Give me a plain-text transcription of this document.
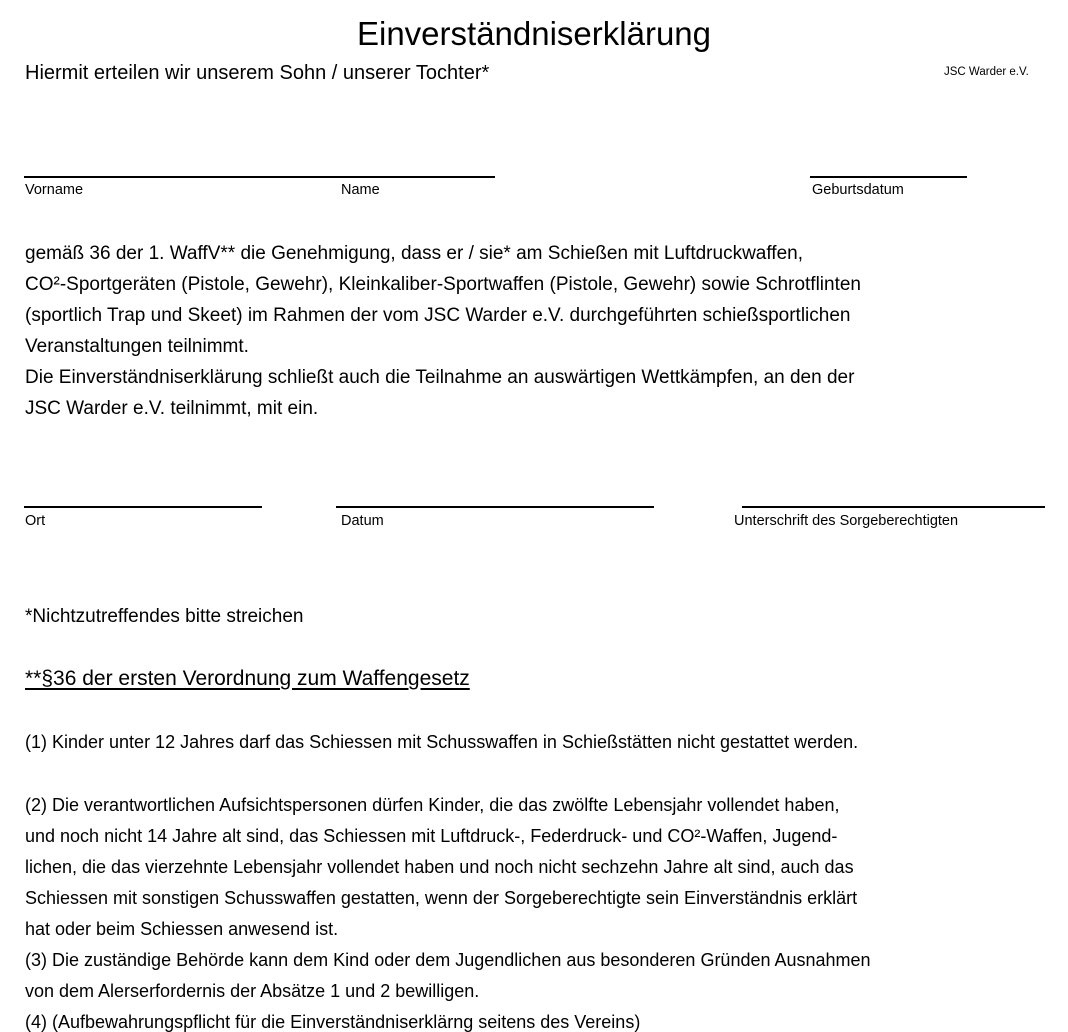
Einverständniserklärung
Hiermit erteilen wir unserem Sohn / unserer Tochter*	JSC Warder e.V.
Vorname	Name	Geburtsdatum

gemäß 36 der 1. WaffV** die Genehmigung, dass er / sie* am Schießen mit Luftdruckwaffen,

CO²-Sportgeräten (Pistole, Gewehr), Kleinkaliber-Sportwaffen (Pistole, Gewehr) sowie Schrotflinten

(sportlich Trap und Skeet) im Rahmen der vom JSC Warder e.V. durchgeführten schießsportlichen

Veranstaltungen teilnimmt.

Die Einverständniserklärung schließt auch die Teilnahme an auswärtigen Wettkämpfen, an den der

JSC Warder e.V. teilnimmt, mit ein.

Ort	Datum	Unterschrift des Sorgeberechtigten
*Nichtzutreffendes bitte streichen
**§36 der ersten Verordnung zum Waffengesetz

(1) Kinder unter 12 Jahres darf das Schiessen mit Schusswaffen in Schießstätten nicht gestattet werden.

(2) Die verantwortlichen Aufsichtspersonen dürfen Kinder, die das zwölfte Lebensjahr vollendet haben,

und noch nicht 14 Jahre alt sind, das Schiessen mit Luftdruck-, Federdruck- und CO²-Waffen, Jugend-

lichen, die das vierzehnte Lebensjahr vollendet haben und noch nicht sechzehn Jahre alt sind, auch das

Schiessen mit sonstigen Schusswaffen gestatten, wenn der Sorgeberechtigte sein Einverständnis erklärt

hat oder beim Schiessen anwesend ist.

(3) Die zuständige Behörde kann dem Kind oder dem Jugendlichen aus besonderen Gründen Ausnahmen

von dem Alerserfordernis der Absätze 1 und 2 bewilligen.

(4) (Aufbewahrungspflicht für die Einverständniserklärng seitens des Vereins)
